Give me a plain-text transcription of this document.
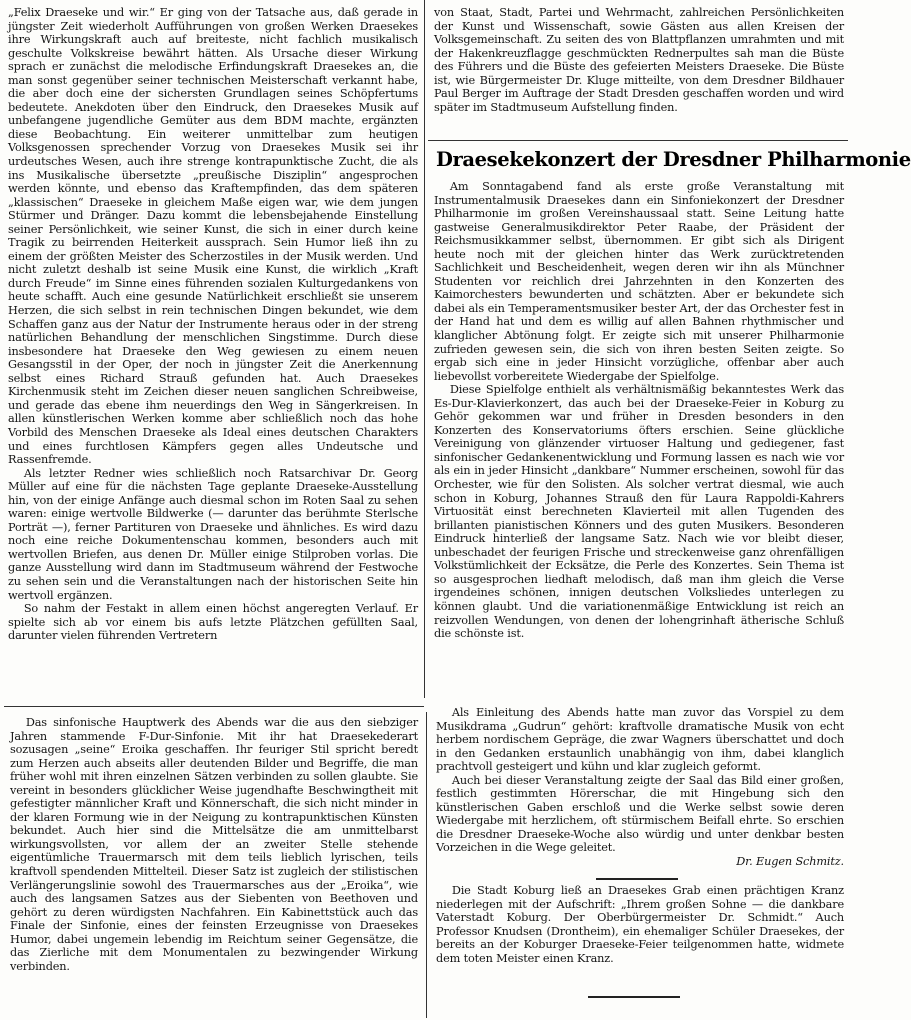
„Felix Draeseke und wir.“ Er ging von der Tatsache aus, daß gerade in jüngster Zeit wiederholt Aufführungen von großen Werken Draesekes ihre Wirkungskraft auch auf breiteste, nicht fachlich musikalisch geschulte Volkskreise bewährt hätten. Als Ursache dieser Wirkung sprach er zunächst die melodische Erfindungskraft Draesekes an, die man sonst gegenüber seiner technischen Meisterschaft verkannt habe, die aber doch eine der sichersten Grundlagen seines Schöpfertums bedeutete. Anekdoten über den Eindruck, den Draesekes Musik auf unbefangene jugendliche Gemüter aus dem BDM machte, ergänzten diese Beobachtung. Ein weiterer unmittelbar zum heutigen Volksgenossen sprechender Vorzug von Draesekes Musik sei ihr urdeutsches Wesen, auch ihre strenge kontrapunktische Zucht, die als ins Musikalische übersetzte „preußische Disziplin“ angesprochen werden könnte, und ebenso das Kraftempfinden, das dem späteren „klassischen“ Draeseke in gleichem Maße eigen war, wie dem jungen Stürmer und Dränger. Dazu kommt die lebensbejahende Einstellung seiner Persönlichkeit, wie seiner Kunst, die sich in einer durch keine Tragik zu beirrenden Heiterkeit aussprach. Sein Humor ließ ihn zu einem der größten Meister des Scherzostiles in der Musik werden. Und nicht zuletzt deshalb ist seine Musik eine Kunst, die wirklich „Kraft durch Freude“ im Sinne eines führenden sozialen Kulturgedankens von heute schafft. Auch eine gesunde Natürlichkeit erschließt sie unserem Herzen, die sich selbst in rein technischen Dingen bekundet, wie dem Schaffen ganz aus der Natur der Instrumente heraus oder in der streng natürlichen Behandlung der menschlichen Singstimme. Durch diese insbesondere hat Draeseke den Weg gewiesen zu einem neuen Gesangsstil in der Oper, der noch in jüngster Zeit die Anerkennung selbst eines Richard Strauß gefunden hat. Auch Draesekes Kirchenmusik steht im Zeichen dieser neuen sanglichen Schreibweise, und gerade das ebene ihm neuerdings den Weg in Sängerkreisen. In allen künstlerischen Werken komme aber schließlich noch das hohe Vorbild des Menschen Draeseke als Ideal eines deutschen Charakters und eines furchtlosen Kämpfers gegen alles Undeutsche und Rassenfremde.

Als letzter Redner wies schließlich noch Ratsarchivar Dr. Georg Müller auf eine für die nächsten Tage geplante Draeseke-Ausstellung hin, von der einige Anfänge auch diesmal schon im Roten Saal zu sehen waren: einige wertvolle Bildwerke (— darunter das berühmte Sterlsche Porträt —), ferner Partituren von Draeseke und ähnliches. Es wird dazu noch eine reiche Dokumentenschau kommen, besonders auch mit wertvollen Briefen, aus denen Dr. Müller einige Stilproben vorlas. Die ganze Ausstellung wird dann im Stadtmuseum während der Festwoche zu sehen sein und die Veranstaltungen nach der historischen Seite hin wertvoll ergänzen.

So nahm der Festakt in allem einen höchst angeregten Verlauf. Er spielte sich ab vor einem bis aufs letzte Plätzchen gefüllten Saal, darunter vielen führenden Vertretern

von Staat, Stadt, Partei und Wehrmacht, zahlreichen Persönlichkeiten der Kunst und Wissenschaft, sowie Gästen aus allen Kreisen der Volksgemeinschaft. Zu seiten des von Blattpflanzen umrahmten und mit der Hakenkreuzflagge geschmückten Rednerpultes sah man die Büste des Führers und die Büste des gefeierten Meisters Draeseke. Die Büste ist, wie Bürgermeister Dr. Kluge mitteilte, von dem Dresdner Bildhauer Paul Berger im Auftrage der Stadt Dresden geschaffen worden und wird später im Stadtmuseum Aufstellung finden.

Draesekekonzert der Dresdner Philharmonie

Am Sonntagabend fand als erste große Veranstaltung mit Instrumentalmusik Draesekes dann ein Sinfoniekonzert der Dresdner Philharmonie im großen Vereinshaussaal statt. Seine Leitung hatte gastweise Generalmusikdirektor Peter Raabe, der Präsident der Reichsmusikkammer selbst, übernommen. Er gibt sich als Dirigent heute noch mit der gleichen hinter das Werk zurücktretenden Sachlichkeit und Bescheidenheit, wegen deren wir ihn als Münchner Studenten vor reichlich drei Jahrzehnten in den Konzerten des Kaimorchesters bewunderten und schätzten. Aber er bekundete sich dabei als ein Temperamentsmusiker bester Art, der das Orchester fest in der Hand hat und dem es willig auf allen Bahnen rhythmischer und klanglicher Abtönung folgt. Er zeigte sich mit unserer Philharmonie zufrieden gewesen sein, die sich von ihren besten Seiten zeigte. So ergab sich eine in jeder Hinsicht vorzügliche, offenbar aber auch liebevollst vorbereitete Wiedergabe der Spielfolge.

Diese Spielfolge enthielt als verhältnismäßig bekanntestes Werk das Es-Dur-Klavierkonzert, das auch bei der Draeseke-Feier in Koburg zu Gehör gekommen war und früher in Dresden besonders in den Konzerten des Konservatoriums öfters erschien. Seine glückliche Vereinigung von glänzender virtuoser Haltung und gediegener, fast sinfonischer Gedankenentwicklung und Formung lassen es nach wie vor als ein in jeder Hinsicht „dankbare“ Nummer erscheinen, sowohl für das Orchester, wie für den Solisten. Als solcher vertrat diesmal, wie auch schon in Koburg, Johannes Strauß den für Laura Rappoldi-Kahrers Virtuosität einst berechneten Klavierteil mit allen Tugenden des brillanten pianistischen Könners und des guten Musikers. Besonderen Eindruck hinterließ der langsame Satz. Nach wie vor bleibt dieser, unbeschadet der feurigen Frische und streckenweise ganz ohrenfälligen Volkstümlichkeit der Ecksätze, die Perle des Konzertes. Sein Thema ist so ausgesprochen liedhaft melodisch, daß man ihm gleich die Verse irgendeines schönen, innigen deutschen Volksliedes unterlegen zu können glaubt. Und die variationenmäßige Entwicklung ist reich an reizvollen Wendungen, von denen der lohengrinhaft ätherische Schluß die schönste ist.

Das sinfonische Hauptwerk des Abends war die aus den siebziger Jahren stammende F-Dur-Sinfonie. Mit ihr hat Draesekederart sozusagen „seine“ Eroika geschaffen. Ihr feuriger Stil spricht beredt zum Herzen auch abseits aller deutenden Bilder und Begriffe, die man früher wohl mit ihren einzelnen Sätzen verbinden zu sollen glaubte. Sie vereint in besonders glücklicher Weise jugendhafte Beschwingtheit mit gefestigter männlicher Kraft und Könnerschaft, die sich nicht minder in der klaren Formung wie in der Neigung zu kontrapunktischen Künsten bekundet. Auch hier sind die Mittelsätze die am unmittelbarst wirkungsvollsten, vor allem der an zweiter Stelle stehende eigentümliche Trauermarsch mit dem teils lieblich lyrischen, teils kraftvoll spendenden Mittelteil. Dieser Satz ist zugleich der stilistischen Verlängerungslinie sowohl des Trauermarsches aus der „Eroika“, wie auch des langsamen Satzes aus der Siebenten von Beethoven und gehört zu deren würdigsten Nachfahren. Ein Kabinettstück auch das Finale der Sinfonie, eines der feinsten Erzeugnisse von Draesekes Humor, dabei ungemein lebendig im Reichtum seiner Gegensätze, die das Zierliche mit dem Monumentalen zu bezwingender Wirkung verbinden.

Als Einleitung des Abends hatte man zuvor das Vorspiel zu dem Musikdrama „Gudrun“ gehört: kraftvolle dramatische Musik von echt herbem nordischem Gepräge, die zwar Wagners überschattet und doch in den Gedanken erstaunlich unabhängig von ihm, dabei klanglich prachtvoll gesteigert und kühn und klar zugleich geformt.

Auch bei dieser Veranstaltung zeigte der Saal das Bild einer großen, festlich gestimmten Hörerschar, die mit Hingebung sich den künstlerischen Gaben erschloß und die Werke selbst sowie deren Wiedergabe mit herzlichem, oft stürmischem Beifall ehrte. So erschien die Dresdner Draeseke-Woche also würdig und unter denkbar besten Vorzeichen in die Wege geleitet.

Dr. Eugen Schmitz.

Die Stadt Koburg ließ an Draesekes Grab einen prächtigen Kranz niederlegen mit der Aufschrift: „Ihrem großen Sohne — die dankbare Vaterstadt Koburg. Der Oberbürgermeister Dr. Schmidt.“ Auch Professor Knudsen (Drontheim), ein ehemaliger Schüler Draesekes, der bereits an der Koburger Draeseke-Feier teilgenommen hatte, widmete dem toten Meister einen Kranz.
